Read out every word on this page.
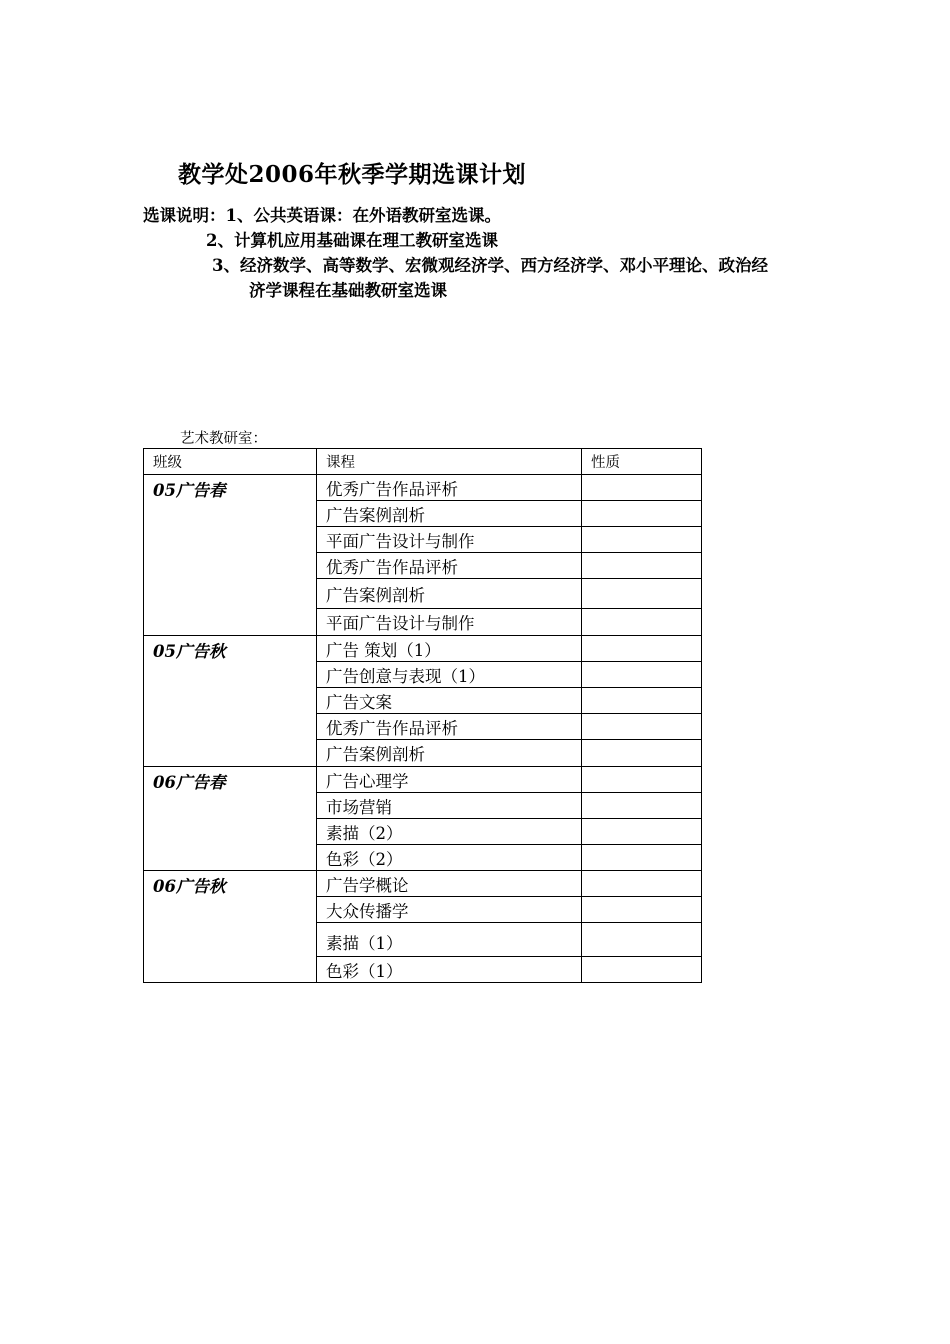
教学处2006年秋季学期选课计划
选课说明：1、公共英语课：在外语教研室选课。
2、计算机应用基础课在理工教研室选课
3、经济数学、高等数学、宏微观经济学、西方经济学、邓小平理论、政治经
济学课程在基础教研室选课
艺术教研室：
班级	课程	性质
05广告春	优秀广告作品评析	
	广告案例剖析	
	平面广告设计与制作	
	优秀广告作品评析	
	广告案例剖析	
	平面广告设计与制作	
05广告秋	广告 策划（1）	
	广告创意与表现（1）	
	广告文案	
	优秀广告作品评析	
	广告案例剖析	
06广告春	广告心理学	
	市场营销	
	素描（2）	
	色彩（2）	
06广告秋	广告学概论	
	大众传播学	
	素描（1）	
	色彩（1）	
